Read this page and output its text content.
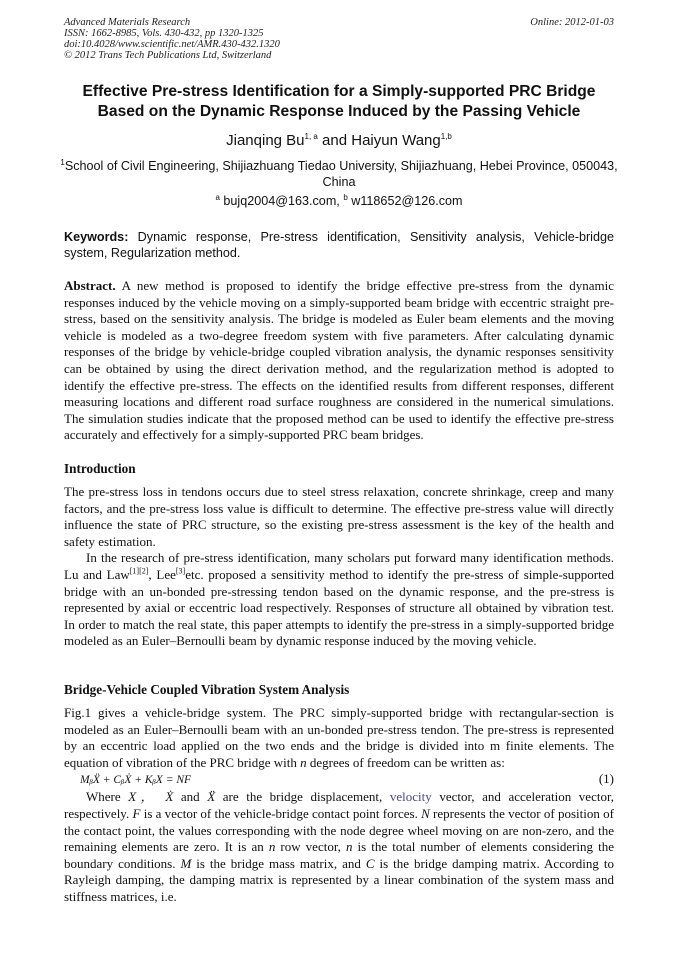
Advanced Materials Research
ISSN: 1662-8985, Vols. 430-432, pp 1320-1325
doi:10.4028/www.scientific.net/AMR.430-432.1320
© 2012 Trans Tech Publications Ltd, Switzerland
Online: 2012-01-03
Effective Pre-stress Identification for a Simply-supported PRC Bridge
Based on the Dynamic Response Induced by the Passing Vehicle
Jianqing Bu$^{1, a}$ and Haiyun Wang$^{1,b}$
$^1$School of Civil Engineering, Shijiazhuang Tiedao University, Shijiazhuang, Hebei Province, 050043,
China
$^a$ bujq2004@163.com, $^b$ w118652@126.com
Keywords: Dynamic response, Pre-stress identification, Sensitivity analysis, Vehicle-bridge system, Regularization method.

Abstract. A new method is proposed to identify the bridge effective pre-stress from the dynamic responses induced by the vehicle moving on a simply-supported beam bridge with eccentric straight pre-stress, based on the sensitivity analysis. The bridge is modeled as Euler beam elements and the moving vehicle is modeled as a two-degree freedom system with five parameters. After calculating dynamic responses of the bridge by vehicle-bridge coupled vibration analysis, the dynamic responses sensitivity can be obtained by using the direct derivation method, and the regularization method is adopted to identify the effective pre-stress. The effects on the identified results from different responses, different measuring locations and different road surface roughness are considered in the numerical simulations. The simulation studies indicate that the proposed method can be used to identify the effective pre-stress accurately and effectively for a simply-supported PRC beam bridges.

Introduction

The pre-stress loss in tendons occurs due to steel stress relaxation, concrete shrinkage, creep and many factors, and the pre-stress loss value is difficult to determine. The effective pre-stress value will directly influence the state of PRC structure, so the existing pre-stress assessment is the key of the health and safety estimation.

In the research of pre-stress identification, many scholars put forward many identification methods. Lu and Law[1][2], Lee[3]etc. proposed a sensitivity method to identify the pre-stress of simple-supported bridge with an un-bonded pre-stressing tendon based on the dynamic response, and the pre-stress is represented by axial or eccentric load respectively. Responses of structure all obtained by vibration test. In order to match the real state, this paper attempts to identify the pre-stress in a simply-supported bridge modeled as an Euler–Bernoulli beam by dynamic response induced by the moving vehicle.

Bridge-Vehicle Coupled Vibration System Analysis

Fig.1 gives a vehicle-bridge system. The PRC simply-supported bridge with rectangular-section is modeled as an Euler–Bernoulli beam with an un-bonded pre-stress tendon. The pre-stress is represented by an eccentric load applied on the two ends and the bridge is divided into m finite elements. The equation of vibration of the PRC bridge with n degrees of freedom can be written as:

MᵦẌ + CᵦẊ + KᵦX = NF	(1)

Where X， Ẋ and Ẍ are the bridge displacement, velocity vector, and acceleration vector, respectively. F is a vector of the vehicle-bridge contact point forces. N represents the vector of position of the contact point, the values corresponding with the node degree wheel moving on are non-zero, and the remaining elements are zero. It is an n row vector, n is the total number of elements considering the boundary conditions. M is the bridge mass matrix, and C is the bridge damping matrix. According to Rayleigh damping, the damping matrix is represented by a linear combination of the system mass and stiffness matrices, i.e.
